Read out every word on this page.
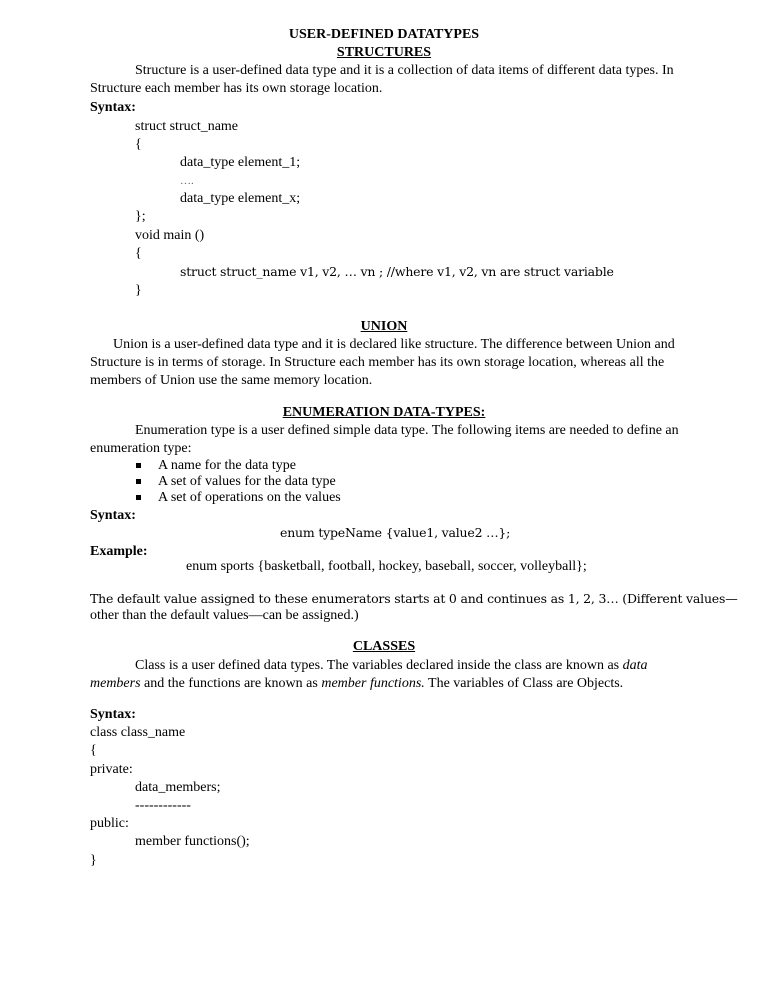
USER-DEFINED DATATYPES
STRUCTURES
Structure is a user-defined data type and it is a collection of data items of different data types. In
Structure each member has its own storage location.
Syntax:
struct struct_name
{
data_type element_1;
….
data_type element_x;
};
void main ()
{
struct struct_name v1, v2, … vn ; //where v1, v2, vn are struct variable
}
UNION
Union is a user-defined data type and it is declared like structure. The difference between Union and
Structure is in terms of storage. In Structure each member has its own storage location, whereas all the
members of Union use the same memory location.
ENUMERATION DATA-TYPES:
Enumeration type is a user defined simple data type. The following items are needed to define an
enumeration type:
A name for the data type
A set of values for the data type
A set of operations on the values
Syntax:
enum typeName {value1, value2 …};
Example:
enum sports {basketball, football, hockey, baseball, soccer, volleyball};
The default value assigned to these enumerators starts at 0 and continues as 1, 2, 3… (Different values—
other than the default values—can be assigned.)
CLASSES
Class is a user defined data types. The variables declared inside the class are known as data
members and the functions are known as member functions. The variables of Class are Objects.
Syntax:
class class_name
{
private:
data_members;
------------
public:
member functions();
}
